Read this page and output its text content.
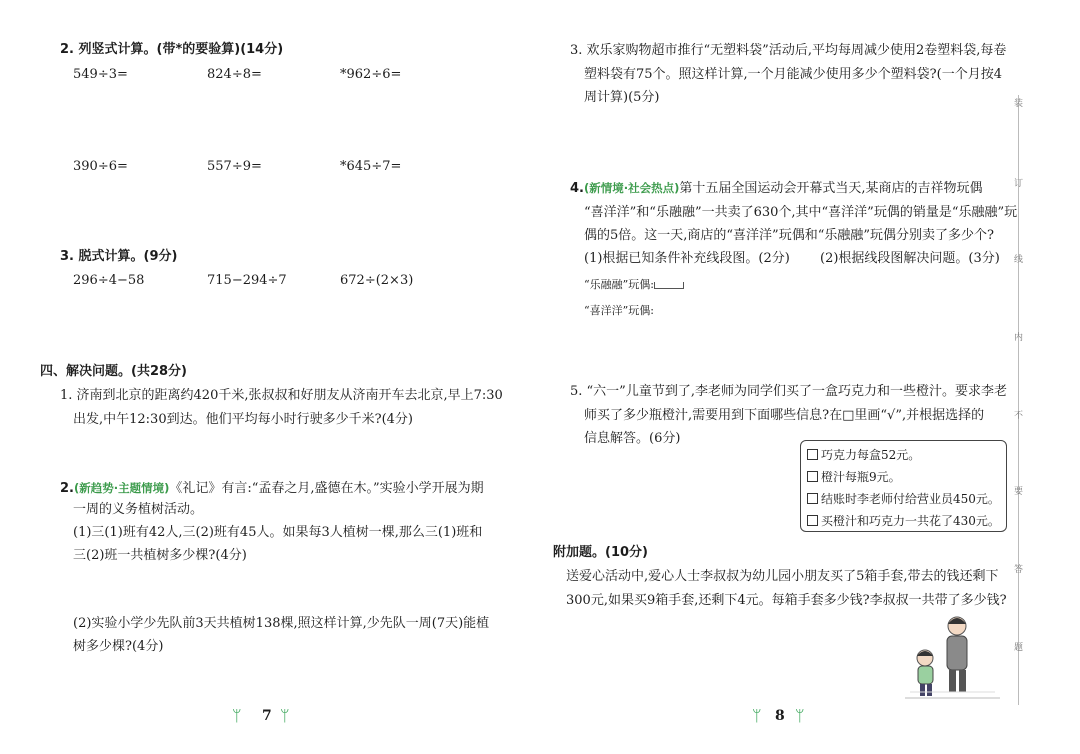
2. 列竖式计算。(带*的要验算)(14分)
549÷3=	824÷8=	*962÷6=
390÷6=	557÷9=	*645÷7=
3. 脱式计算。(9分)
296÷4−58	715−294÷7	672÷(2×3)
四、解决问题。(共28分)
1. 济南到北京的距离约420千米,张叔叔和好朋友从济南开车去北京,早上7:30
出发,中午12:30到达。他们平均每小时行驶多少千米?(4分)
2.(新趋势·主题情境)《礼记》有言:“孟春之月,盛德在木。”实验小学开展为期
一周的义务植树活动。
(1)三(1)班有42人,三(2)班有45人。如果每3人植树一棵,那么三(1)班和
三(2)班一共植树多少棵?(4分)
(2)实验小学少先队前3天共植树138棵,照这样计算,少先队一周(7天)能植
树多少棵?(4分)
ᛘ 7 ᛘ
3. 欢乐家购物超市推行“无塑料袋”活动后,平均每周减少使用2卷塑料袋,每卷
塑料袋有75个。照这样计算,一个月能减少使用多少个塑料袋?(一个月按4
周计算)(5分)
4.(新情境·社会热点)第十五届全国运动会开幕式当天,某商店的吉祥物玩偶
“喜洋洋”和“乐融融”一共卖了630个,其中“喜洋洋”玩偶的销量是“乐融融”玩
偶的5倍。这一天,商店的“喜洋洋”玩偶和“乐融融”玩偶分别卖了多少个?
(1)根据已知条件补充线段图。(2分) (2)根据线段图解决问题。(3分)
“乐融融”玩偶:
“喜洋洋”玩偶:
5. “六一”儿童节到了,李老师为同学们买了一盒巧克力和一些橙汁。要求李老
师买了多少瓶橙汁,需要用到下面哪些信息?在□里画“√”,并根据选择的
信息解答。(6分)
巧克力每盒52元。
橙汁每瓶9元。
结账时李老师付给营业员450元。
买橙汁和巧克力一共花了430元。
附加题。(10分)
送爱心活动中,爱心人士李叔叔为幼儿园小朋友买了5箱手套,带去的钱还剩下
300元,如果买9箱手套,还剩下4元。每箱手套多少钱?李叔叔一共带了多少钱?
ᛘ 8 ᛘ
装
订
线
内
不
要
答
题
